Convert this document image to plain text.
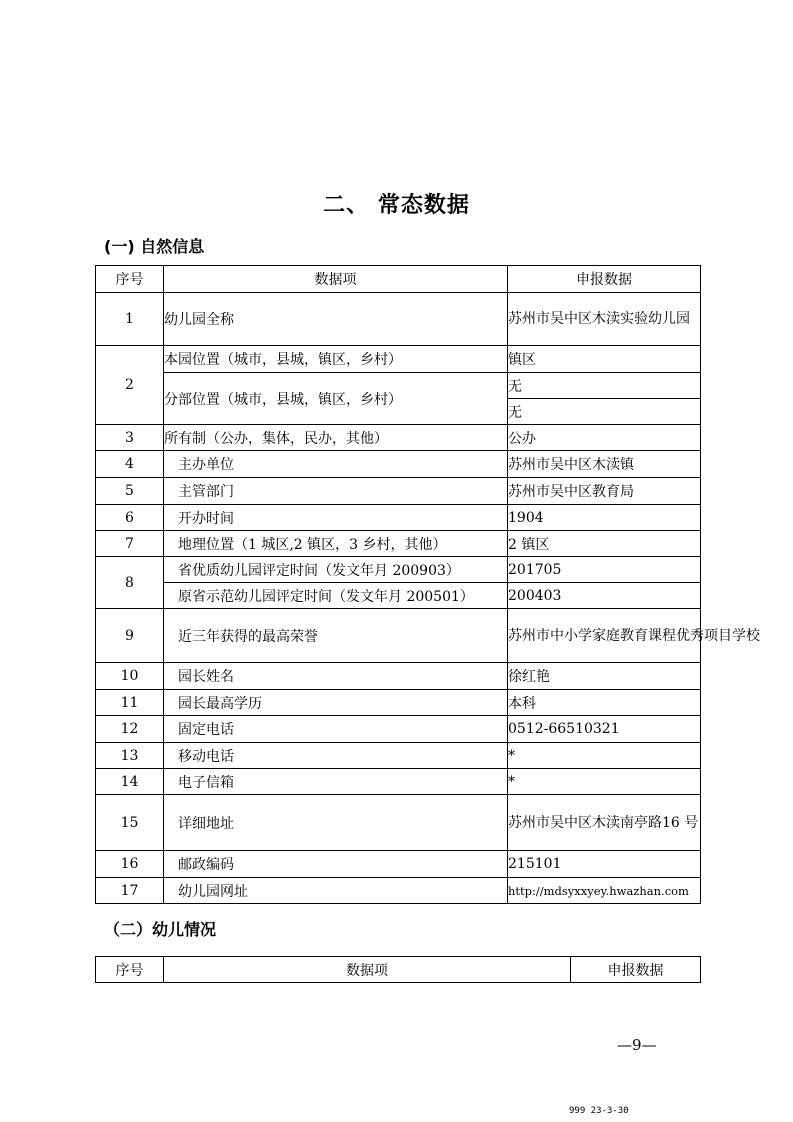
二、 常态数据
(一) 自然信息
序号	数据项	申报数据
1	幼儿园全称	苏州市吴中区木渎实验幼儿园
2	本园位置（城市，县城，镇区，乡村）	镇区
	分部位置（城市，县城，镇区，乡村）	无
		无
3	所有制（公办，集体，民办，其他）	公办
4	主办单位	苏州市吴中区木渎镇
5	主管部门	苏州市吴中区教育局
6	开办时间	1904
7	地理位置（1 城区,2 镇区，3 乡村，其他）	2 镇区
8	省优质幼儿园评定时间（发文年月 200903）	201705
	原省示范幼儿园评定时间（发文年月 200501）	200403
9	近三年获得的最高荣誉	苏州市中小学家庭教育课程优秀项目学校
10	园长姓名	徐红艳
11	园长最高学历	本科
12	固定电话	0512-66510321
13	移动电话	*
14	电子信箱	*
15	详细地址	苏州市吴中区木渎南亭路16 号
16	邮政编码	215101
17	幼儿园网址	http://mdsyxxyey.hwazhan.com
（二）幼儿情况
序号	数据项	申报数据
—9—
999 23-3-30
